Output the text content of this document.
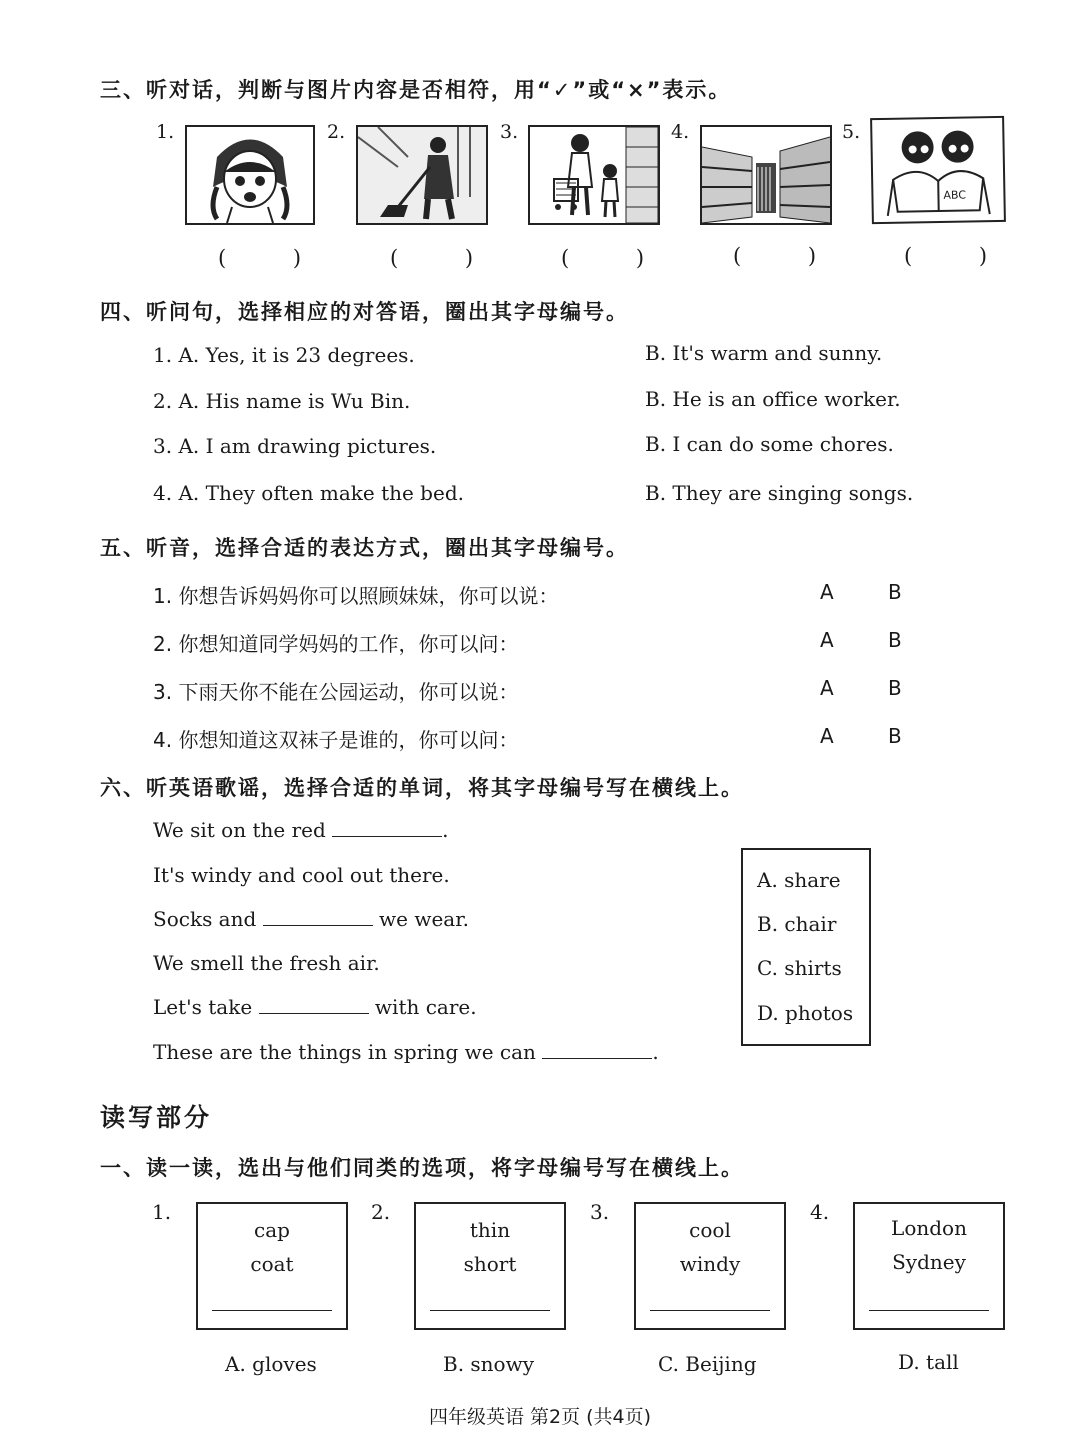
三、听对话，判断与图片内容是否相符，用“✓”或“×”表示。
1.	2.	3.	4.	5.
ABC
( )	( )	( )	( )	( )
四、听问句，选择相应的对答语，圈出其字母编号。
1. A. Yes, it is 23 degrees.	B. It's warm and sunny.
2. A. His name is Wu Bin.	B. He is an office worker.
3. A. I am drawing pictures.	B. I can do some chores.
4. A. They often make the bed.	B. They are singing songs.
五、听音，选择合适的表达方式，圈出其字母编号。
1. 你想告诉妈妈你可以照顾妹妹，你可以说：	A	B
2. 你想知道同学妈妈的工作，你可以问：	A	B
3. 下雨天你不能在公园运动，你可以说：	A	B
4. 你想知道这双袜子是谁的，你可以问：	A	B
六、听英语歌谣，选择合适的单词，将其字母编号写在横线上。
We sit on the red	.
It's windy and cool out there.
Socks and	we wear.
We smell the fresh air.
Let's take	with care.
These are the things in spring we can	.
A. share
B. chair
C. shirts
D. photos
读写部分
一、读一读，选出与他们同类的选项，将字母编号写在横线上。
1.
cap
coat
2.
thin
short
3.
cool
windy
4.
London
Sydney
A. gloves	B. snowy	C. Beijing	D. tall
四年级英语 第2页 (共4页)
